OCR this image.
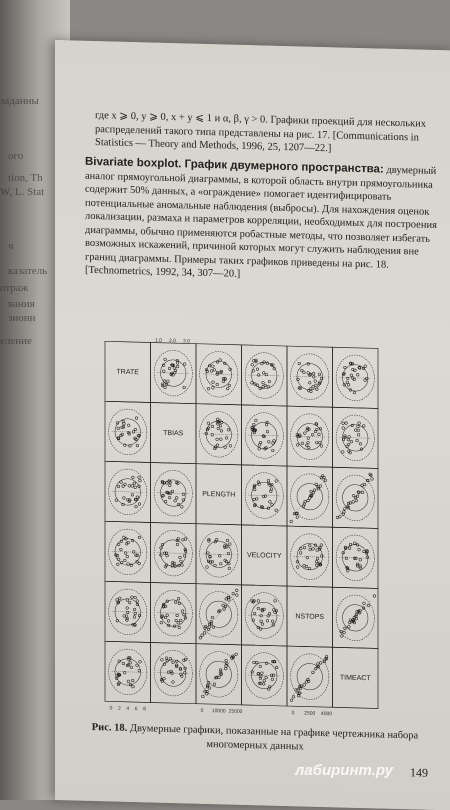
заданны
ого
tion, Th
W, L. Stat
ч
казатель
отраж
вания
зионн
еление
где x ⩾ 0, y ⩾ 0, x + y ⩽ 1 и α, β, γ > 0. Графики проекций для нескольких распределений такого типа представлены на рис. 17. [Communications in Statistics — Theory and Methods, 1996, 25, 1207—22.]
Bivariate boxplot. График двумерного пространства: двумерный аналог прямоугольной диаграммы, в которой область внутри прямоугольника содержит 50% данных, а «ограждение» помогает идентифицировать потенциальные аномальные наблюдения (выбросы). Для нахождения оценок локализации, размаха и параметров корреляции, необходимых для построения диаграммы, обычно применяются робастные методы, что позволяет избегать возможных искажений, причиной которых могут служить наблюдения вне границ диаграммы. Примеры таких графиков приведены на рис. 18. [Technometrics, 1992, 34, 307—20.]
TRATE
TBIAS
PLENGTH
VELOCITY
NSTOPS
TIMEACT
0 2 4 6 8	0 10000 25000	0 2500 4000
1.0 2.0 3.0
Рис. 18. Двумерные графики, показанные на графике чертежника набора многомерных данных
149
лабиринт.ру
